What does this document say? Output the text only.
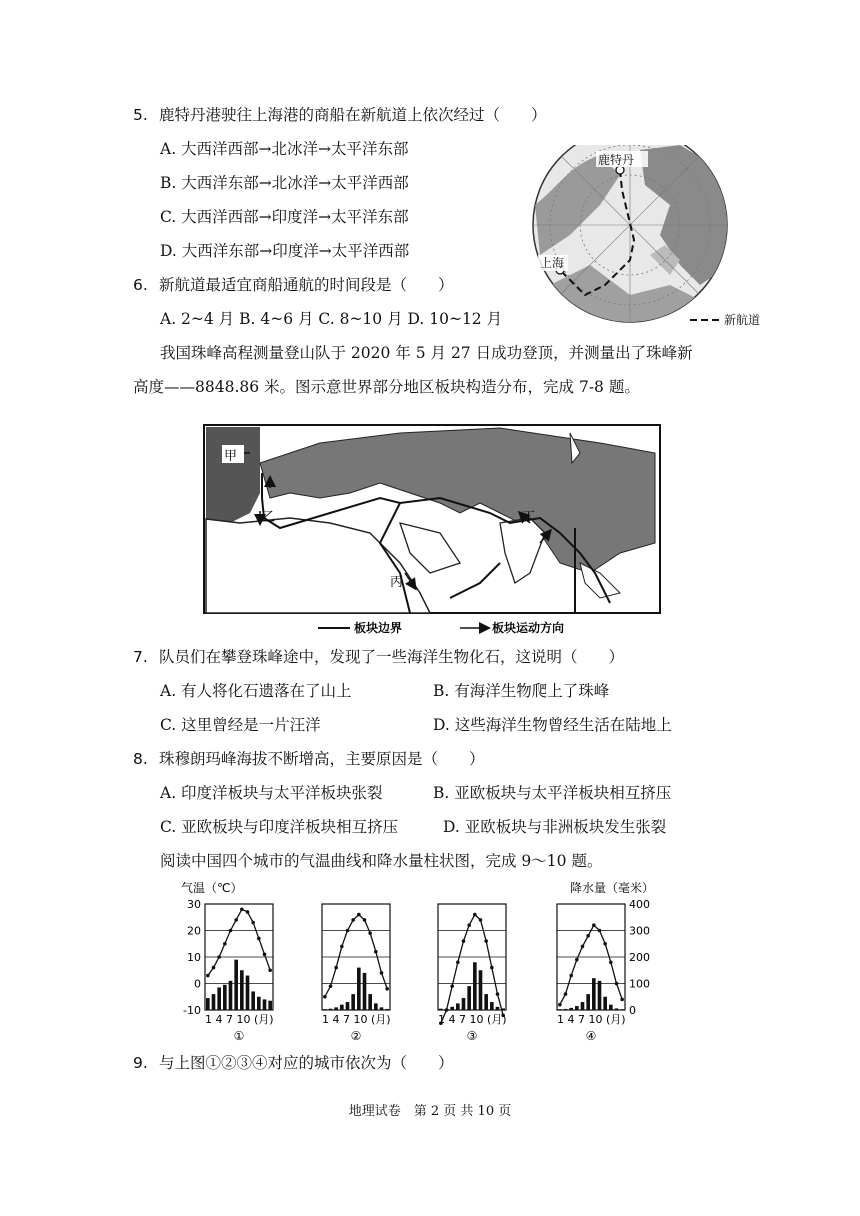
5. 鹿特丹港驶往上海港的商船在新航道上依次经过（　　）
A. 大西洋西部→北冰洋→太平洋东部
B. 大西洋东部→北冰洋→太平洋西部
C. 大西洋西部→印度洋→太平洋东部
D. 大西洋东部→印度洋→太平洋西部
6. 新航道最适宜商船通航的时间段是（　　）
A. 2~4 月 B. 4~6 月 C. 8~10 月 D. 10~12 月
鹿特丹
上海
新航道
我国珠峰高程测量登山队于 2020 年 5 月 27 日成功登顶，并测量出了珠峰新
高度——8848.86 米。图示意世界部分地区板块构造分布，完成 7-8 题。
甲
乙
丙
丁
板块边界	板块运动方向
7. 队员们在攀登珠峰途中，发现了一些海洋生物化石，这说明（　　）
A. 有人将化石遗落在了山上	B. 有海洋生物爬上了珠峰
C. 这里曾经是一片汪洋	D. 这些海洋生物曾经生活在陆地上
8. 珠穆朗玛峰海拔不断增高，主要原因是（　　）
A. 印度洋板块与太平洋板块张裂	B. 亚欧板块与太平洋板块相互挤压
C. 亚欧板块与印度洋板块相互挤压	D. 亚欧板块与非洲板块发生张裂
阅读中国四个城市的气温曲线和降水量柱状图，完成 9～10 题。
气温（℃）	降水量（毫米）
30
20
10
0
-10
400
300
200
100
0
1 4 7 10 (月)
①
1 4 7 10 (月)
②
1 4 7 10 (月)
③
1 4 7 10 (月)
④
9. 与上图①②③④对应的城市依次为（　　）
地理试卷　第 2 页 共 10 页
